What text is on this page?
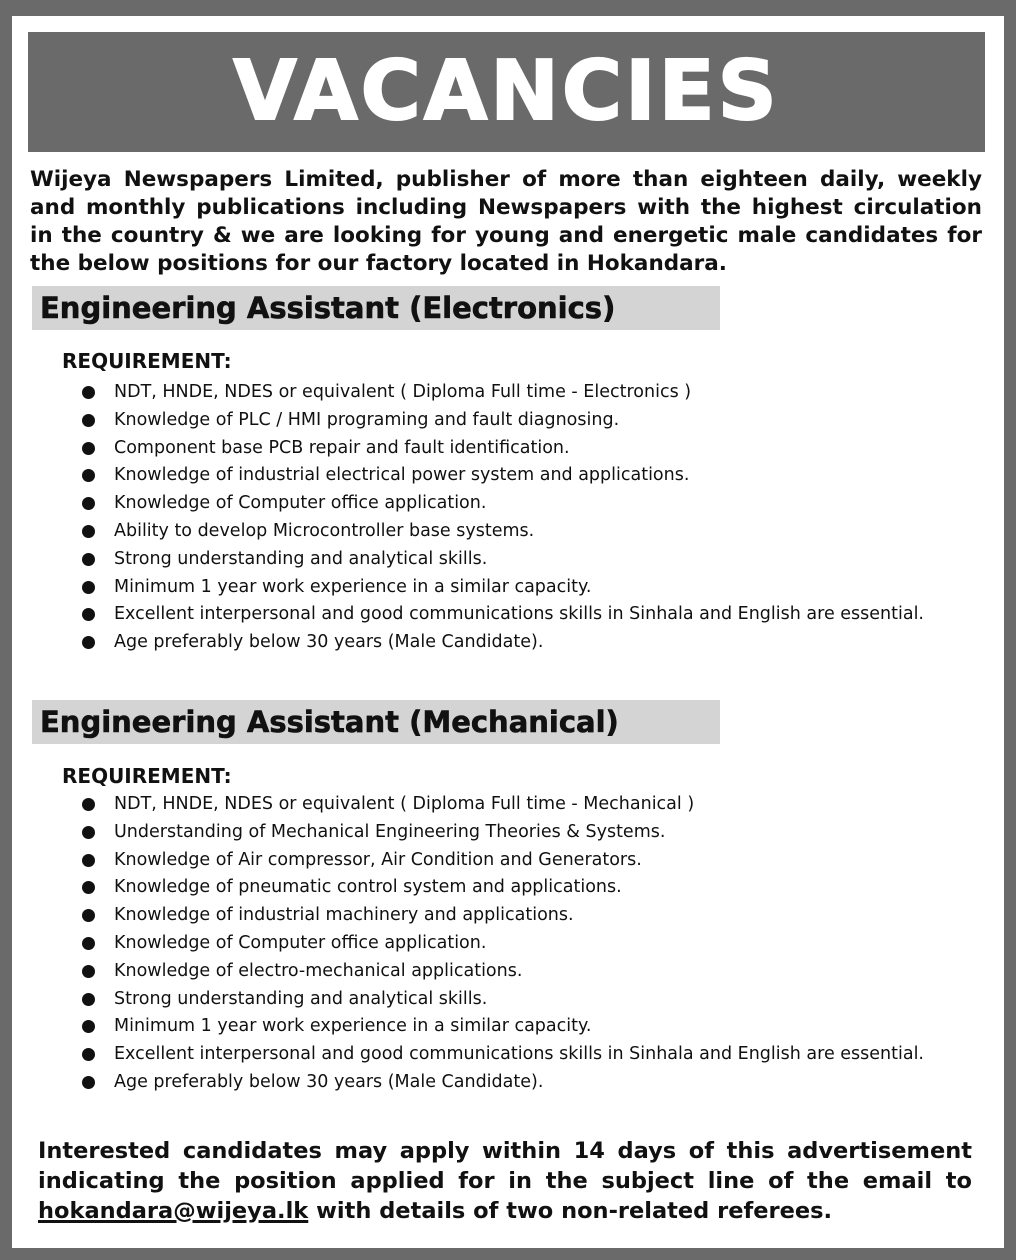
VACANCIES
Wijeya Newspapers Limited, publisher of more than eighteen daily, weekly and monthly publications including Newspapers with the highest circulation in the country & we are looking for young and energetic male candidates for the below positions for our factory located in Hokandara.
Engineering Assistant (Electronics)
REQUIREMENT:
NDT, HNDE, NDES or equivalent ( Diploma Full time - Electronics )
Knowledge of PLC / HMI programing and fault diagnosing.
Component base PCB repair and fault identification.
Knowledge of industrial electrical power system and applications.
Knowledge of Computer office application.
Ability to develop Microcontroller base systems.
Strong understanding and analytical skills.
Minimum 1 year work experience in a similar capacity.
Excellent interpersonal and good communications skills in Sinhala and English are essential.
Age preferably below 30 years (Male Candidate).
Engineering Assistant (Mechanical)
REQUIREMENT:
NDT, HNDE, NDES or equivalent ( Diploma Full time - Mechanical )
Understanding of Mechanical Engineering Theories & Systems.
Knowledge of Air compressor, Air Condition and Generators.
Knowledge of pneumatic control system and applications.
Knowledge of industrial machinery and applications.
Knowledge of Computer office application.
Knowledge of electro-mechanical applications.
Strong understanding and analytical skills.
Minimum 1 year work experience in a similar capacity.
Excellent interpersonal and good communications skills in Sinhala and English are essential.
Age preferably below 30 years (Male Candidate).
Interested candidates may apply within 14 days of this advertisement indicating the position applied for in the subject line of the email to hokandara@wijeya.lk with details of two non-related referees.
